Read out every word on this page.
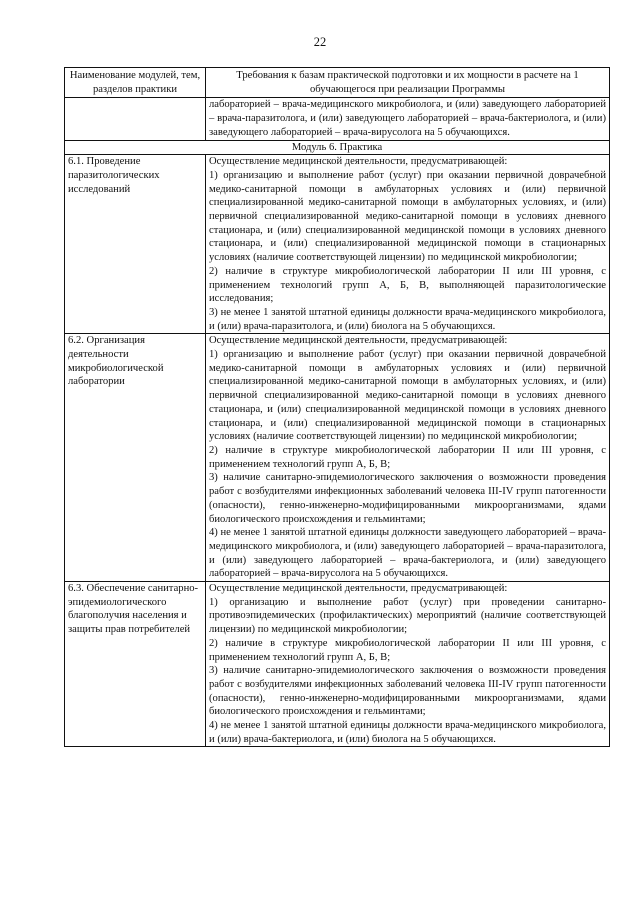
22
Наименование модулей, тем, разделов практики	Требования к базам практической подготовки и их мощности в расчете на 1 обучающегося при реализации Программы
	лабораторией – врача-медицинского микробиолога, и (или) заведующего лабораторией – врача-паразитолога, и (или) заведующего лабораторией – врача-бактериолога, и (или) заведующего лабораторией – врача-вирусолога на 5 обучающихся.
Модуль 6. Практика	
6.1. Проведение паразитологических исследований	Осуществление медицинской деятельности, предусматривающей:

1) организацию и выполнение работ (услуг) при оказании первичной доврачебной медико-санитарной помощи в амбулаторных условиях и (или) первичной специализированной медико-санитарной помощи в амбулаторных условиях, и (или) первичной специализированной медико-санитарной помощи в условиях дневного стационара, и (или) специализированной медицинской помощи в условиях дневного стационара, и (или) специализированной медицинской помощи в стационарных условиях (наличие соответствующей лицензии) по медицинской микробиологии;

2) наличие в структуре микробиологической лаборатории II или III уровня, с применением технологий групп А, Б, В, выполняющей паразитологические исследования;

3) не менее 1 занятой штатной единицы должности врача-медицинского микробиолога, и (или) врача-паразитолога, и (или) биолога на 5 обучающихся.

6.2. Организация деятельности микробиологической лаборатории	Осуществление медицинской деятельности, предусматривающей:

1) организацию и выполнение работ (услуг) при оказании первичной доврачебной медико-санитарной помощи в амбулаторных условиях и (или) первичной специализированной медико-санитарной помощи в амбулаторных условиях, и (или) первичной специализированной медико-санитарной помощи в условиях дневного стационара, и (или) специализированной медицинской помощи в условиях дневного стационара, и (или) специализированной медицинской помощи в стационарных условиях (наличие соответствующей лицензии) по медицинской микробиологии;

2) наличие в структуре микробиологической лаборатории II или III уровня, с применением технологий групп А, Б, В;

3) наличие санитарно-эпидемиологического заключения о возможности проведения работ с возбудителями инфекционных заболеваний человека III-IV групп патогенности (опасности), генно-инженерно-модифицированными микроорганизмами, ядами биологического происхождения и гельминтами;

4) не менее 1 занятой штатной единицы должности заведующего лабораторией – врача-медицинского микробиолога, и (или) заведующего лабораторией – врача-паразитолога, и (или) заведующего лабораторией – врача-бактериолога, и (или) заведующего лабораторией – врача-вирусолога на 5 обучающихся.

6.3. Обеспечение санитарно-эпидемиологического благополучия населения и защиты прав потребителей	Осуществление медицинской деятельности, предусматривающей:

1) организацию и выполнение работ (услуг) при проведении санитарно-противоэпидемических (профилактических) мероприятий (наличие соответствующей лицензии) по медицинской микробиологии;

2) наличие в структуре микробиологической лаборатории II или III уровня, с применением технологий групп А, Б, В;

3) наличие санитарно-эпидемиологического заключения о возможности проведения работ с возбудителями инфекционных заболеваний человека III-IV групп патогенности (опасности), генно-инженерно-модифицированными микроорганизмами, ядами биологического происхождения и гельминтами;

4) не менее 1 занятой штатной единицы должности врача-медицинского микробиолога, и (или) врача-бактериолога, и (или) биолога на 5 обучающихся.
